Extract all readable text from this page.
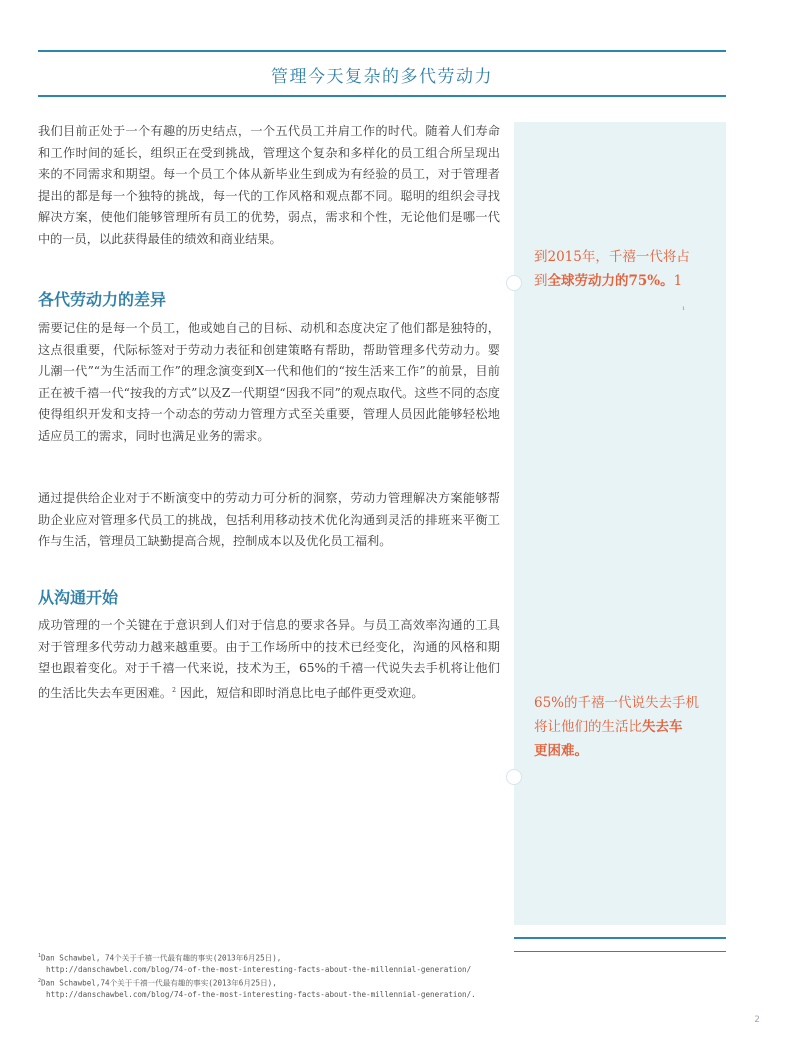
管理今天复杂的多代劳动力

我们目前正处于一个有趣的历史结点，一个五代员工并肩工作的时代。随着人们寿命和工作时间的延长，组织正在受到挑战，管理这个复杂和多样化的员工组合所呈现出来的不同需求和期望。每一个员工个体从新毕业生到成为有经验的员工，对于管理者提出的都是每一个独特的挑战，每一代的工作风格和观点都不同。聪明的组织会寻找解决方案，使他们能够管理所有员工的优势，弱点，需求和个性，无论他们是哪一代中的一员，以此获得最佳的绩效和商业结果。

各代劳动力的差异

需要记住的是每一个员工，他或她自己的目标、动机和态度决定了他们都是独特的，这点很重要，代际标签对于劳动力表征和创建策略有帮助，帮助管理多代劳动力。婴儿潮一代”“为生活而工作”的理念演变到X一代和他们的“按生活来工作”的前景，目前正在被千禧一代“按我的方式”以及Z一代期望“因我不同”的观点取代。这些不同的态度使得组织开发和支持一个动态的劳动力管理方式至关重要，管理人员因此能够轻松地适应员工的需求，同时也满足业务的需求。

通过提供给企业对于不断演变中的劳动力可分析的洞察，劳动力管理解决方案能够帮助企业应对管理多代员工的挑战，包括利用移动技术优化沟通到灵活的排班来平衡工作与生活，管理员工缺勤提高合规，控制成本以及优化员工福利。

从沟通开始

成功管理的一个关键在于意识到人们对于信息的要求各异。与员工高效率沟通的工具对于管理多代劳动力越来越重要。由于工作场所中的技术已经变化，沟通的风格和期望也跟着变化。对于千禧一代来说，技术为王，65%的千禧一代说失去手机将让他们的生活比失去车更困难。$^2$ 因此，短信和即时消息比电子邮件更受欢迎。

到2015年，千禧一代将占
到全球劳动力的75%。1
1
65%的千禧一代说失去手机
将让他们的生活比失去车
更困难。
$^1$Dan Schawbel, 74个关于千禧一代最有趣的事实(2013年6月25日),
http://danschawbel.com/blog/74-of-the-most-interesting-facts-about-the-millennial-generation/
$^2$Dan Schawbel,74个关于千禧一代最有趣的事实(2013年6月25日),
http://danschawbel.com/blog/74-of-the-most-interesting-facts-about-the-millennial-generation/.
2
